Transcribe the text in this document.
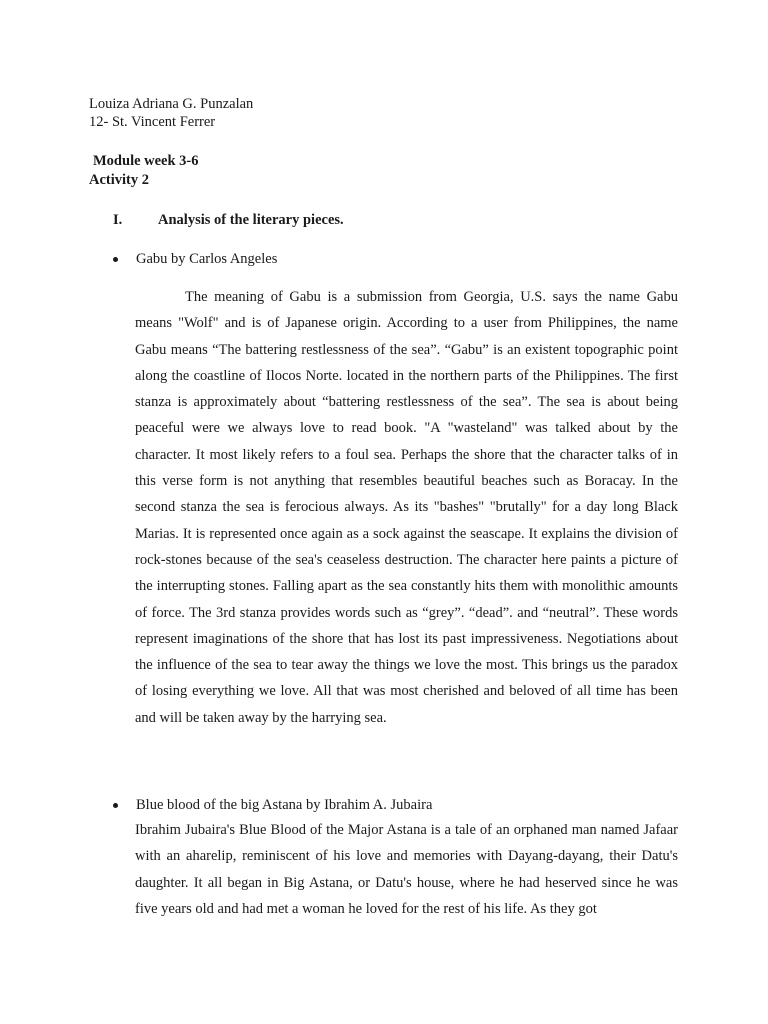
Louiza Adriana G. Punzalan
12- St. Vincent Ferrer
Module week 3-6
Activity 2
I. Analysis of the literary pieces.
Gabu by Carlos Angeles
The meaning of Gabu is a submission from Georgia, U.S. says the name Gabu means "Wolf" and is of Japanese origin. According to a user from Philippines, the name Gabu means “The battering restlessness of the sea”. “Gabu” is an existent topographic point along the coastline of Ilocos Norte. located in the northern parts of the Philippines. The first stanza is approximately about “battering restlessness of the sea”. The sea is about being peaceful were we always love to read book. "A "wasteland" was talked about by the character. It most likely refers to a foul sea. Perhaps the shore that the character talks of in this verse form is not anything that resembles beautiful beaches such as Boracay. In the second stanza the sea is ferocious always. As its "bashes" "brutally" for a day long Black Marias. It is represented once again as a sock against the seascape. It explains the division of rock-stones because of the sea's ceaseless destruction. The character here paints a picture of the interrupting stones. Falling apart as the sea constantly hits them with monolithic amounts of force. The 3rd stanza provides words such as “grey”. “dead”. and “neutral”. These words represent imaginations of the shore that has lost its past impressiveness. Negotiations about the influence of the sea to tear away the things we love the most. This brings us the paradox of losing everything we love. All that was most cherished and beloved of all time has been and will be taken away by the harrying sea.
Blue blood of the big Astana by Ibrahim A. Jubaira
Ibrahim Jubaira's Blue Blood of the Major Astana is a tale of an orphaned man named Jafaar with an aharelip, reminiscent of his love and memories with Dayang-dayang, their Datu's daughter. It all began in Big Astana, or Datu's house, where he had heserved since he was five years old and had met a woman he loved for the rest of his life. As they got
